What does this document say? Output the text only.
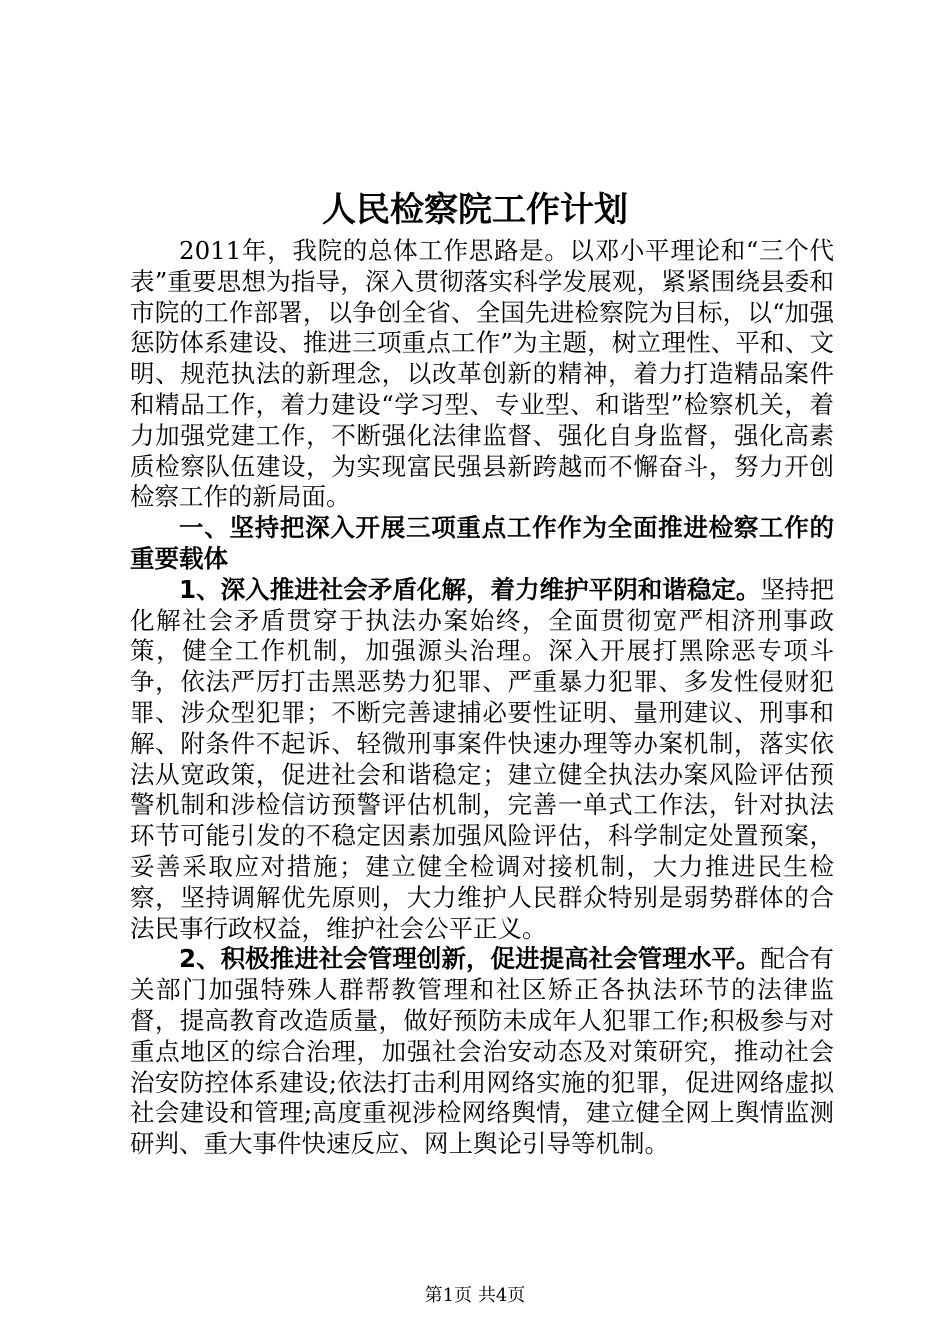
人民检察院工作计划

2011年，我院的总体工作思路是。以邓小平理论和“三个代表”重要思想为指导，深入贯彻落实科学发展观，紧紧围绕县委和市院的工作部署，以争创全省、全国先进检察院为目标，以“加强惩防体系建设、推进三项重点工作”为主题，树立理性、平和、文明、规范执法的新理念，以改革创新的精神，着力打造精品案件和精品工作，着力建设“学习型、专业型、和谐型”检察机关，着力加强党建工作，不断强化法律监督、强化自身监督，强化高素质检察队伍建设，为实现富民强县新跨越而不懈奋斗，努力开创检察工作的新局面。

一、坚持把深入开展三项重点工作作为全面推进检察工作的重要载体

1、深入推进社会矛盾化解，着力维护平阴和谐稳定。坚持把化解社会矛盾贯穿于执法办案始终，全面贯彻宽严相济刑事政策，健全工作机制，加强源头治理。深入开展打黑除恶专项斗争，依法严厉打击黑恶势力犯罪、严重暴力犯罪、多发性侵财犯罪、涉众型犯罪；不断完善逮捕必要性证明、量刑建议、刑事和解、附条件不起诉、轻微刑事案件快速办理等办案机制，落实依法从宽政策，促进社会和谐稳定；建立健全执法办案风险评估预警机制和涉检信访预警评估机制，完善一单式工作法，针对执法环节可能引发的不稳定因素加强风险评估，科学制定处置预案，妥善采取应对措施；建立健全检调对接机制，大力推进民生检察，坚持调解优先原则，大力维护人民群众特别是弱势群体的合法民事行政权益，维护社会公平正义。

2、积极推进社会管理创新，促进提高社会管理水平。配合有关部门加强特殊人群帮教管理和社区矫正各执法环节的法律监督，提高教育改造质量，做好预防未成年人犯罪工作;积极参与对重点地区的综合治理，加强社会治安动态及对策研究，推动社会治安防控体系建设;依法打击利用网络实施的犯罪，促进网络虚拟社会建设和管理;高度重视涉检网络舆情，建立健全网上舆情监测研判、重大事件快速反应、网上舆论引导等机制。

第1页 共4页
